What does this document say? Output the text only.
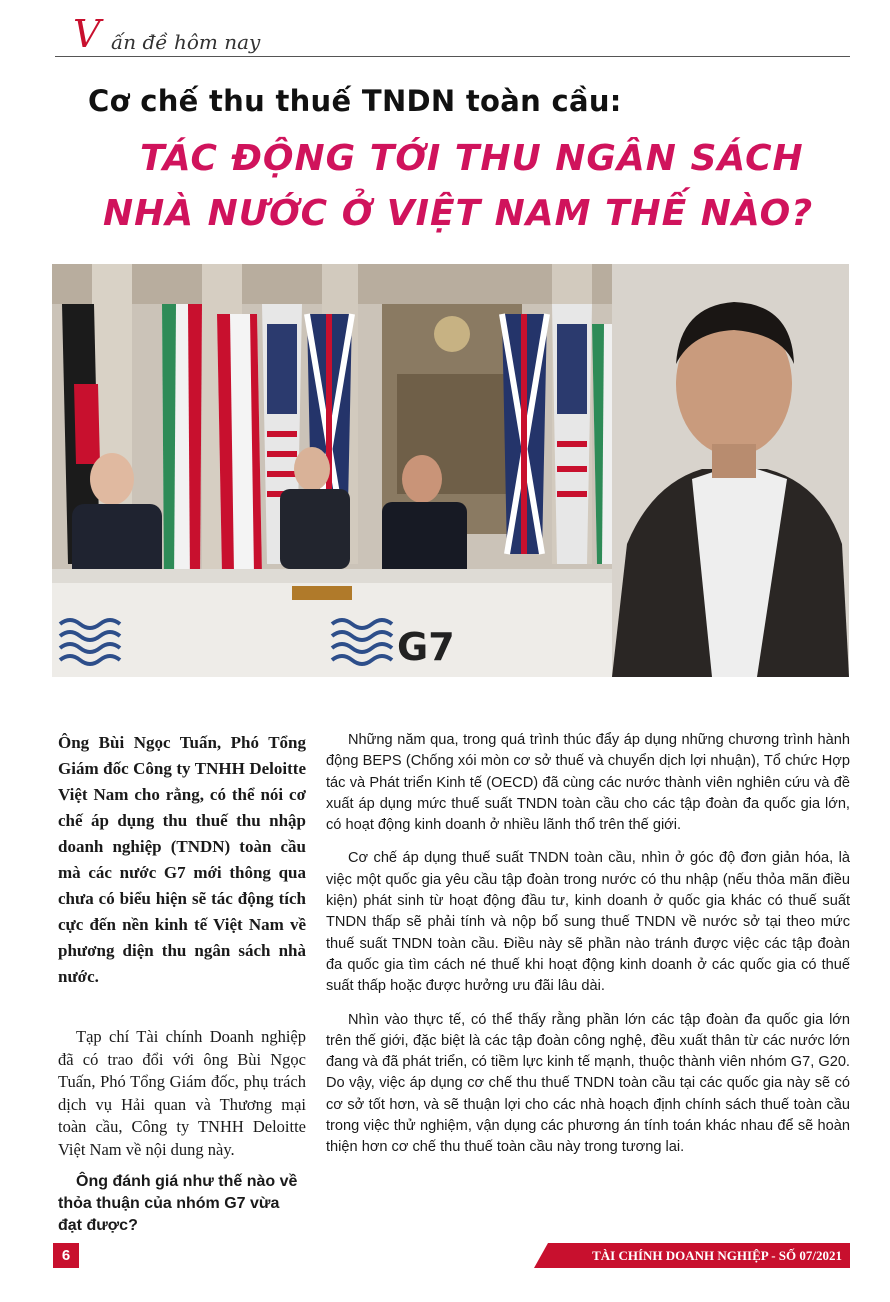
V ấn đề hôm nay
Cơ chế thu thuế TNDN toàn cầu:
TÁC ĐỘNG TỚI THU NGÂN SÁCH
NHÀ NƯỚC Ở VIỆT NAM THẾ NÀO?
G7

Ông Bùi Ngọc Tuấn, Phó Tổng Giám đốc Công ty TNHH Deloitte Việt Nam cho rằng, có thể nói cơ chế áp dụng thu thuế thu nhập doanh nghiệp (TNDN) toàn cầu mà các nước G7 mới thông qua chưa có biểu hiện sẽ tác động tích cực đến nền kinh tế Việt Nam về phương diện thu ngân sách nhà nước.

Tạp chí Tài chính Doanh nghiệp đã có trao đổi với ông Bùi Ngọc Tuấn, Phó Tổng Giám đốc, phụ trách dịch vụ Hải quan và Thương mại toàn cầu, Công ty TNHH Deloitte Việt Nam về nội dung này.

Ông đánh giá như thế nào về thỏa thuận của nhóm G7 vừa đạt được?

Những năm qua, trong quá trình thúc đẩy áp dụng những chương trình hành động BEPS (Chống xói mòn cơ sở thuế và chuyển dịch lợi nhuận), Tổ chức Hợp tác và Phát triển Kinh tế (OECD) đã cùng các nước thành viên nghiên cứu và đề xuất áp dụng mức thuế suất TNDN toàn cầu cho các tập đoàn đa quốc gia lớn, có hoạt động kinh doanh ở nhiều lãnh thổ trên thế giới.

Cơ chế áp dụng thuế suất TNDN toàn cầu, nhìn ở góc độ đơn giản hóa, là việc một quốc gia yêu cầu tập đoàn trong nước có thu nhập (nếu thỏa mãn điều kiện) phát sinh từ hoạt động đầu tư, kinh doanh ở quốc gia khác có thuế suất TNDN thấp sẽ phải tính và nộp bổ sung thuế TNDN về nước sở tại theo mức thuế suất TNDN toàn cầu. Điều này sẽ phần nào tránh được việc các tập đoàn đa quốc gia tìm cách né thuế khi hoạt động kinh doanh ở các quốc gia có thuế suất thấp hoặc được hưởng ưu đãi lâu dài.

Nhìn vào thực tế, có thể thấy rằng phần lớn các tập đoàn đa quốc gia lớn trên thế giới, đặc biệt là các tập đoàn công nghệ, đều xuất thân từ các nước lớn đang và đã phát triển, có tiềm lực kinh tế mạnh, thuộc thành viên nhóm G7, G20. Do vậy, việc áp dụng cơ chế thu thuế TNDN toàn cầu tại các quốc gia này sẽ có cơ sở tốt hơn, và sẽ thuận lợi cho các nhà hoạch định chính sách thuế toàn cầu trong việc thử nghiệm, vận dụng các phương án tính toán khác nhau để sẽ hoàn thiện hơn cơ chế thu thuế toàn cầu này trong tương lai.

6	TÀI CHÍNH DOANH NGHIỆP - SỐ 07/2021
